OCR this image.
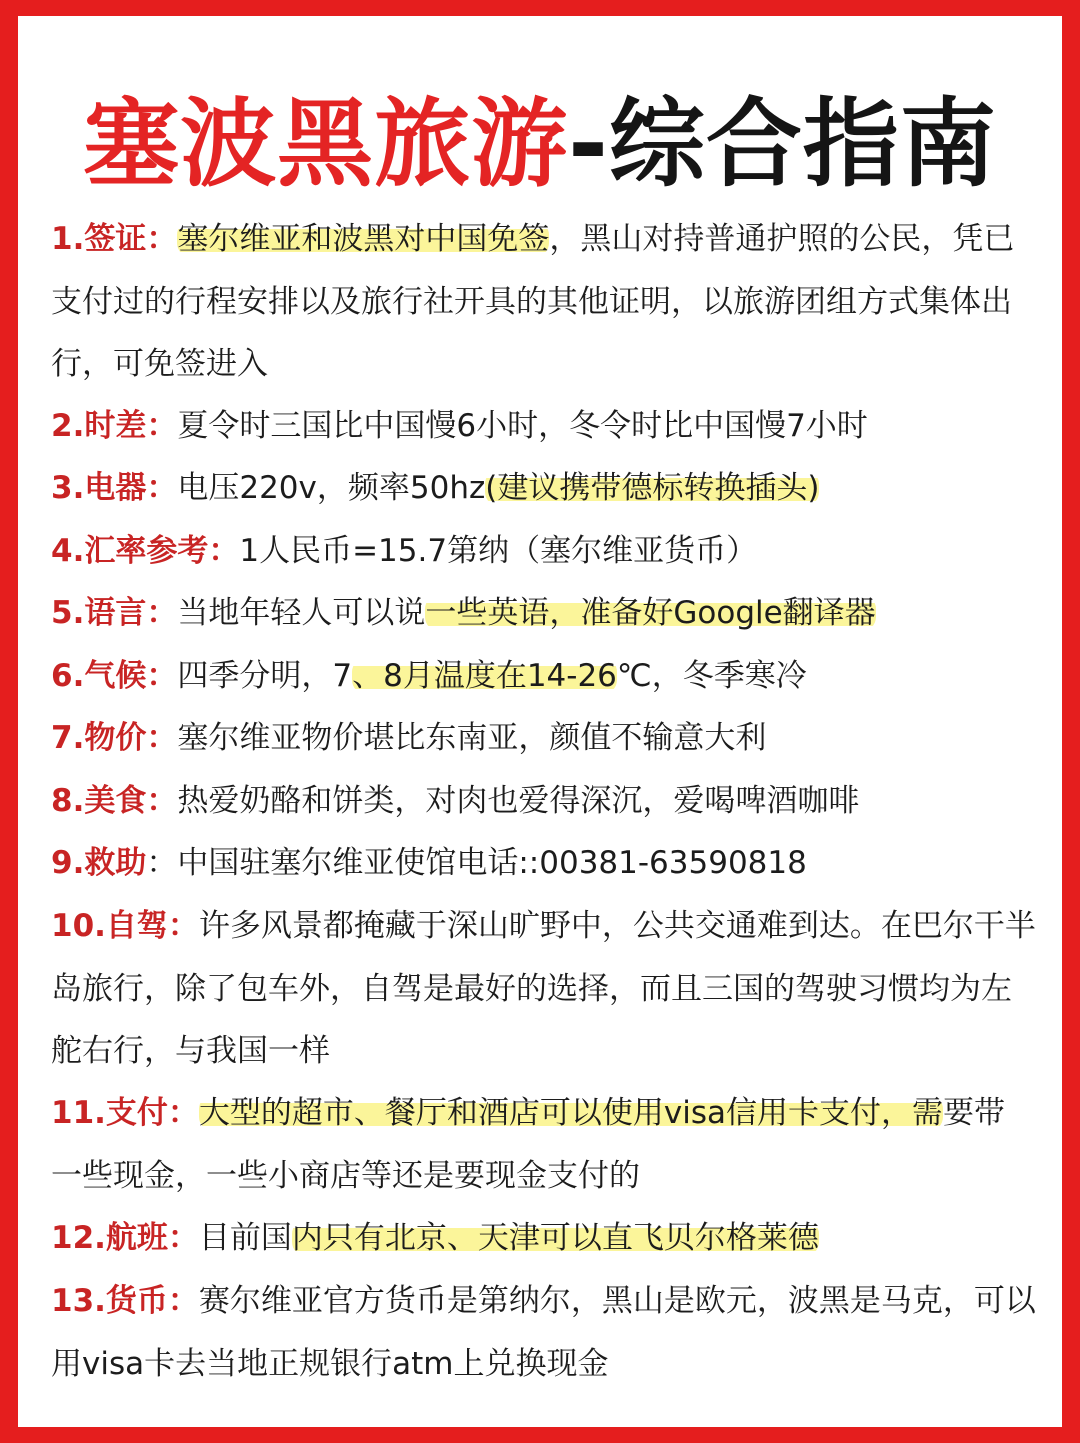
塞波黑旅游-综合指南

1.签证：塞尔维亚和波黑对中国免签，黑山对持普通护照的公民，凭已支付过的行程安排以及旅行社开具的其他证明，以旅游团组方式集体出行，可免签进入

2.时差：夏令时三国比中国慢6小时，冬令时比中国慢7小时

3.电器：电压220v，频率50hz(建议携带德标转换插头)

4.汇率参考：1人民币=15.7第纳（塞尔维亚货币）

5.语言：当地年轻人可以说一些英语，准备好Google翻译器

6.气候：四季分明，7、8月温度在14-26℃，冬季寒冷

7.物价：塞尔维亚物价堪比东南亚，颜值不输意大利

8.美食：热爱奶酪和饼类，对肉也爱得深沉，爱喝啤酒咖啡

9.救助：中国驻塞尔维亚使馆电话::00381-63590818

10.自驾：许多风景都掩藏于深山旷野中，公共交通难到达。在巴尔干半岛旅行，除了包车外，自驾是最好的选择，而且三国的驾驶习惯均为左舵右行，与我国一样

11.支付：大型的超市、餐厅和酒店可以使用visa信用卡支付，需要带一些现金，一些小商店等还是要现金支付的

12.航班：目前国内只有北京、天津可以直飞贝尔格莱德

13.货币：赛尔维亚官方货币是第纳尔，黑山是欧元，波黑是马克，可以用visa卡去当地正规银行atm上兑换现金
